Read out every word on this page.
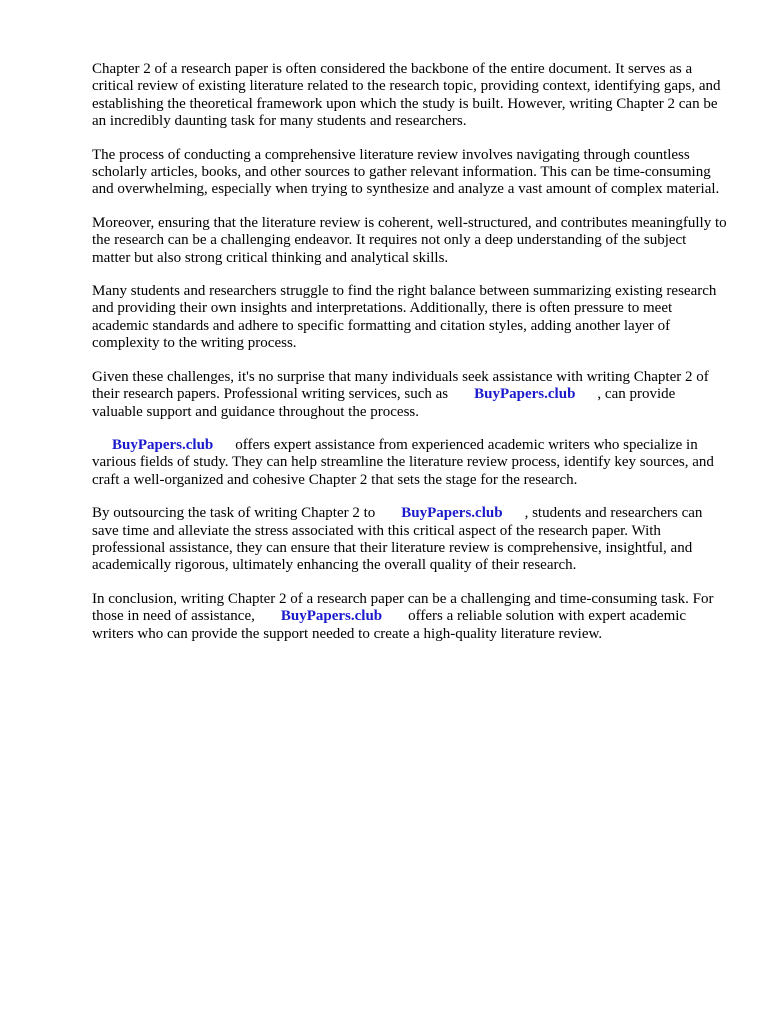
Chapter 2 of a research paper is often considered the backbone of the entire document. It serves as a critical review of existing literature related to the research topic, providing context, identifying gaps, and establishing the theoretical framework upon which the study is built. However, writing Chapter 2 can be an incredibly daunting task for many students and researchers.

The process of conducting a comprehensive literature review involves navigating through countless scholarly articles, books, and other sources to gather relevant information. This can be time-consuming and overwhelming, especially when trying to synthesize and analyze a vast amount of complex material.

Moreover, ensuring that the literature review is coherent, well-structured, and contributes meaningfully to the research can be a challenging endeavor. It requires not only a deep understanding of the subject matter but also strong critical thinking and analytical skills.

Many students and researchers struggle to find the right balance between summarizing existing research and providing their own insights and interpretations. Additionally, there is often pressure to meet academic standards and adhere to specific formatting and citation styles, adding another layer of complexity to the writing process.

Given these challenges, it's no surprise that many individuals seek assistance with writing Chapter 2 of their research papers. Professional writing services, such as BuyPapers.club , can provide valuable support and guidance throughout the process.

BuyPapers.club offers expert assistance from experienced academic writers who specialize in various fields of study. They can help streamline the literature review process, identify key sources, and craft a well-organized and cohesive Chapter 2 that sets the stage for the research.

By outsourcing the task of writing Chapter 2 to BuyPapers.club , students and researchers can save time and alleviate the stress associated with this critical aspect of the research paper. With professional assistance, they can ensure that their literature review is comprehensive, insightful, and academically rigorous, ultimately enhancing the overall quality of their research.

In conclusion, writing Chapter 2 of a research paper can be a challenging and time-consuming task. For those in need of assistance, BuyPapers.club offers a reliable solution with expert academic writers who can provide the support needed to create a high-quality literature review.
